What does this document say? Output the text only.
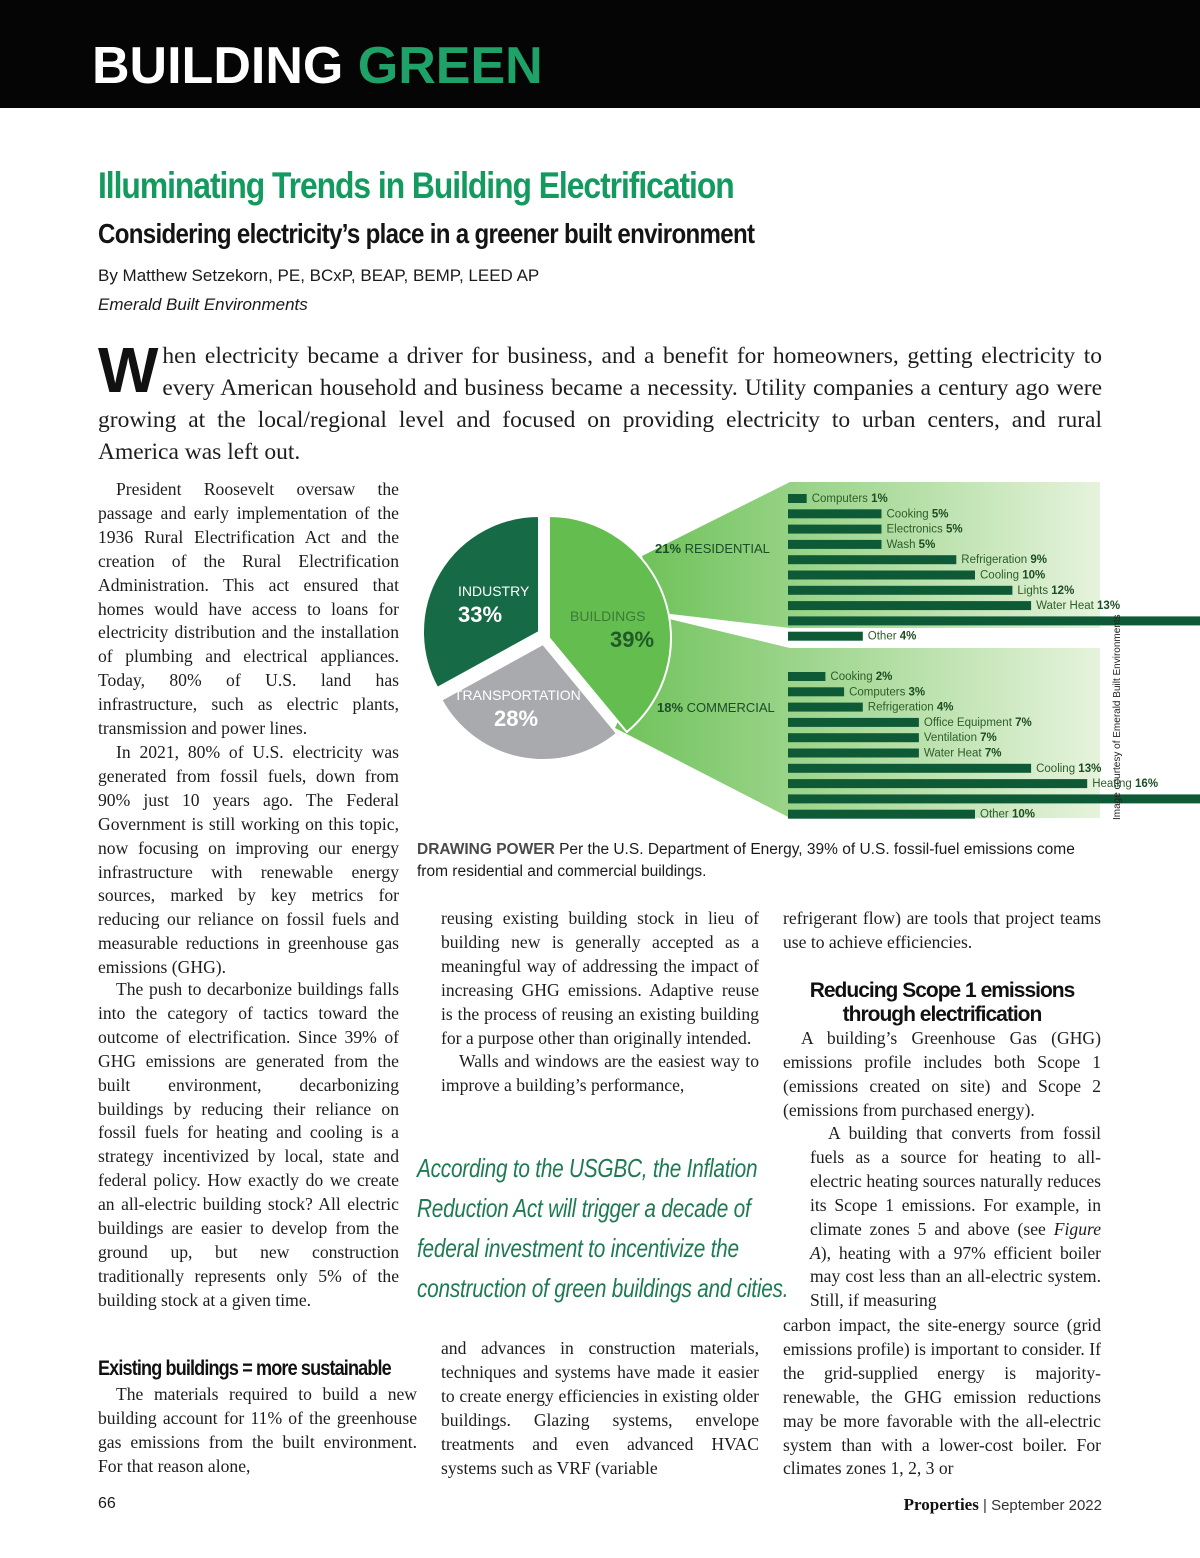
BUILDING GREEN
Illuminating Trends in Building Electrification
Considering electricity’s place in a greener built environment
By Matthew Setzekorn, PE, BCxP, BEAP, BEMP, LEED AP
Emerald Built Environments

When electricity became a driver for business, and a benefit for homeowners, getting electricity to every American household and business became a necessity. Utility companies a century ago were growing at the local/regional level and focused on providing electricity to urban centers, and rural America was left out.

President Roosevelt oversaw the passage and early implementation of the 1936 Rural Electrification Act and the creation of the Rural Electrification Administration. This act ensured that homes would have access to loans for electricity distribution and the installation of plumbing and electrical appliances. Today, 80% of U.S. land has infrastructure, such as electric plants, transmission and power lines.

In 2021, 80% of U.S. electricity was generated from fossil fuels, down from 90% just 10 years ago. The Federal Government is still working on this topic, now focusing on improving our energy infrastructure with renewable energy sources, marked by key metrics for reducing our reliance on fossil fuels and measurable reductions in greenhouse gas emissions (GHG).

The push to decarbonize buildings falls into the category of tactics toward the outcome of electrification. Since 39% of GHG emissions are generated from the built environment, decarbonizing buildings by reducing their reliance on fossil fuels for heating and cooling is a strategy incentivized by local, state and federal policy. How exactly do we create an all-electric building stock? All electric buildings are easier to develop from the ground up, but new construction traditionally represents only 5% of the building stock at a given time.

Existing buildings = more sustainable

The materials required to build a new building account for 11% of the greenhouse gas emissions from the built environment. For that reason alone,

reusing existing building stock in lieu of building new is generally accepted as a meaningful way of addressing the impact of increasing GHG emissions. Adaptive reuse is the process of reusing an existing building for a purpose other than originally intended.

Walls and windows are the easiest way to improve a building’s performance,

and advances in construction materials, techniques and systems have made it easier to create energy efficiencies in existing older buildings. Glazing systems, envelope treatments and even advanced HVAC systems such as VRF (variable

refrigerant flow) are tools that project teams use to achieve efficiencies.

Reducing Scope 1 emissions
through electrification

A building’s Greenhouse Gas (GHG) emissions profile includes both Scope 1 (emissions created on site) and Scope 2 (emissions from purchased energy).

A building that converts from fossil fuels as a source for heating to all-electric heating sources naturally reduces its Scope 1 emissions. For example, in climate zones 5 and above (see Figure A), heating with a 97% efficient boiler may cost less than an all-electric system. Still, if measuring

carbon impact, the site-energy source (grid emissions profile) is important to consider. If the grid-supplied energy is majority-renewable, the GHG emission reductions may be more favorable with the all-electric system than with a lower-cost boiler. For climates zones 1, 2, 3 or

According to the USGBC, the Inflation
Reduction Act will trigger a decade of
federal investment to incentivize the
construction of green buildings and cities.
INDUSTRY
33%	BUILDINGS
39%
TRANSPORTATION
28%
21% RESIDENTIAL
Computers 1%
Cooking 5%
Electronics 5%
Wash 5%
Refrigeration 9%
Cooling 10%
Lights 12%
Water Heat 13%
Other 4%
18% COMMERCIAL
Cooking 2%
Computers 3%
Refrigeration 4%
Office Equipment 7%
Ventilation 7%
Water Heat 7%
Cooling 13%
Heating 16%
Other 10%
DRAWING POWER Per the U.S. Department of Energy, 39% of U.S. fossil-fuel emissions come from residential and commercial buildings.
Image courtesy of Emerald Built Environments
66	Properties | September 2022
